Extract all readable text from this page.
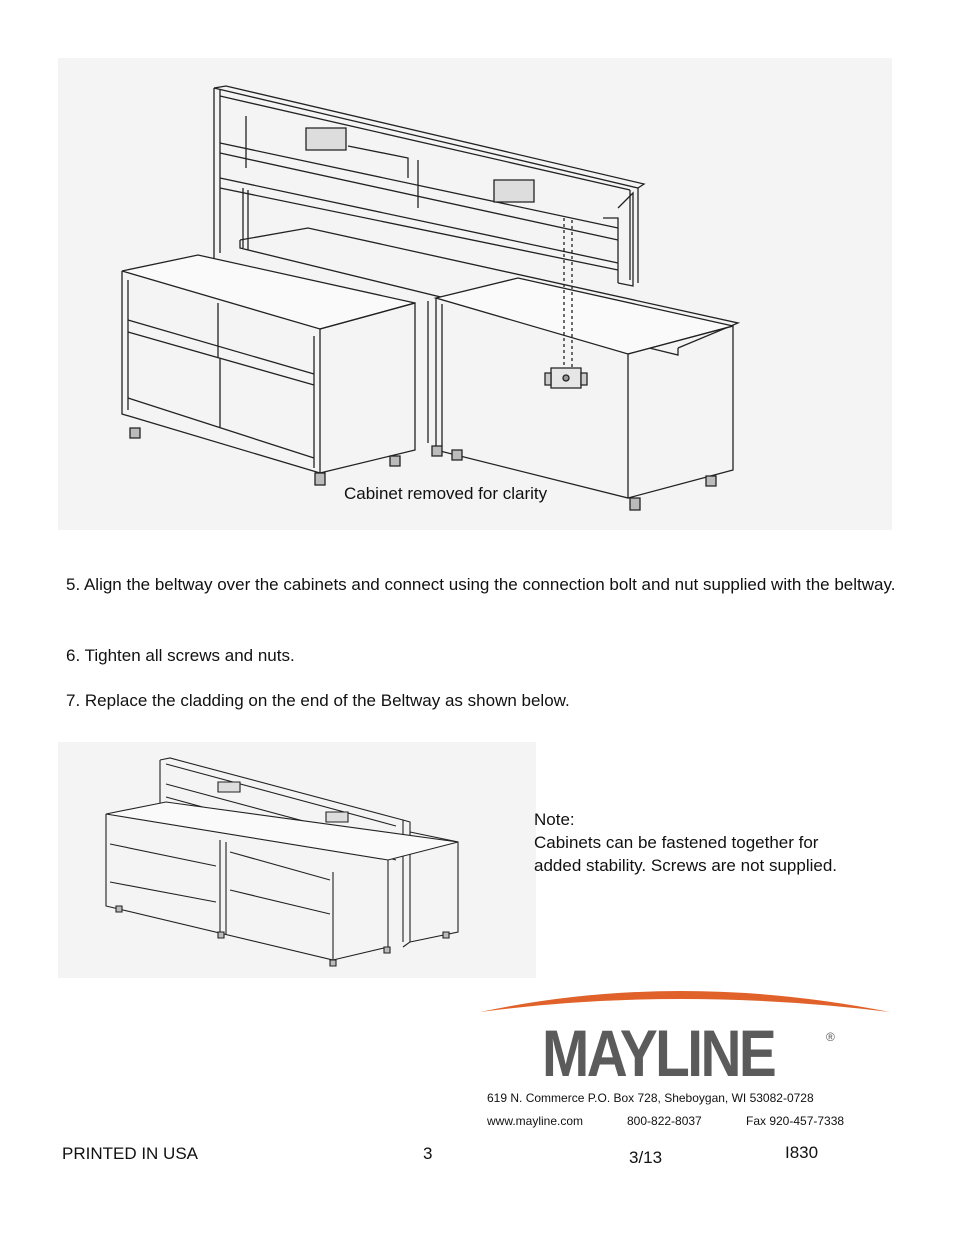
Cabinet removed for clarity
5. Align the beltway over the cabinets and connect using the connection bolt and nut supplied with the beltway.
6. Tighten all screws and nuts.
7. Replace the cladding on the end of the Beltway as shown below.
Note:
Cabinets can be fastened together for
added stability. Screws are not supplied.
MAYLINE	®
619 N. Commerce P.O. Box 728, Sheboygan, WI 53082-0728
www.mayline.com	800-822-8037	Fax 920-457-7338
PRINTED IN USA	3	3/13	I830
